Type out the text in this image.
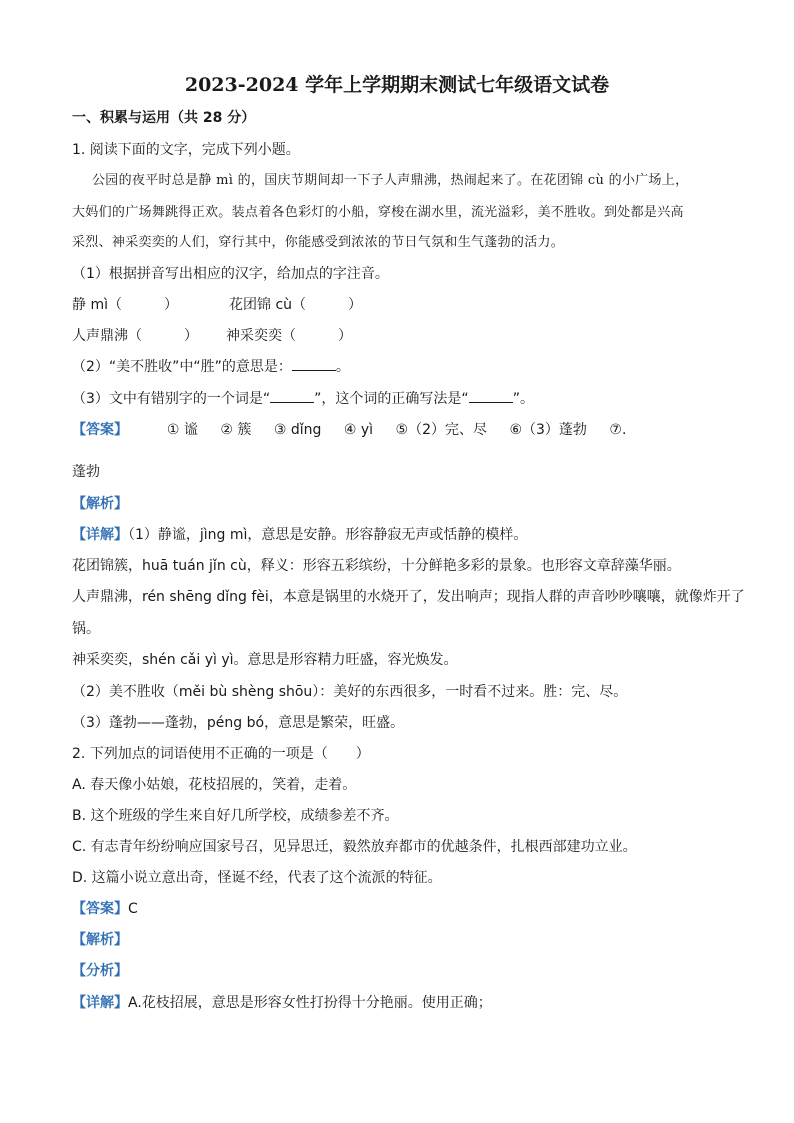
2023-2024 学年上学期期末测试七年级语文试卷
一、积累与运用（共 28 分）
1. 阅读下面的文字，完成下列小题。
公园的夜平时总是静 mì 的，国庆节期间却一下子人声鼎沸，热闹起来了。在花团锦 cù 的小广场上，
大妈们的广场舞跳得正欢。装点着各色彩灯的小船，穿梭在湖水里，流光溢彩，美不胜收。到处都是兴高
采烈、神采奕奕的人们，穿行其中，你能感受到浓浓的节日气氛和生气蓬勃的活力。
（1）根据拼音写出相应的汉字，给加点的字注音。
静 mì（　　　）	花团锦 cù（　　　）
人声鼎沸（　　　） 神采奕奕（　　　）
（2）“美不胜收”中“胜”的意思是：	。
（3）文中有错别字的一个词是“	”，这个词的正确写法是“	”。
【答案】	① 谧 ② 簇 ③ dǐng ④ yì ⑤（2）完、尽 ⑥（3）蓬勃 ⑦.
蓬勃
【解析】
【详解】（1）静谧，jìng mì，意思是安静。形容静寂无声或恬静的模样。
花团锦簇，huā tuán jǐn cù，释义：形容五彩缤纷，十分鲜艳多彩的景象。也形容文章辞藻华丽。
人声鼎沸，rén shēng dǐng fèi，本意是锅里的水烧开了，发出响声；现指人群的声音吵吵嚷嚷，就像炸开了
锅。
神采奕奕，shén cǎi yì yì。意思是形容精力旺盛，容光焕发。
（2）美不胜收（měi bù shèng shōu）：美好的东西很多，一时看不过来。胜：完、尽。
（3）蓬勃——蓬勃，péng bó，意思是繁荣，旺盛。
2. 下列加点的词语使用不正确的一项是（　　）
A. 春天像小姑娘，花枝招展的，笑着，走着。
B. 这个班级的学生来自好几所学校，成绩参差不齐。
C. 有志青年纷纷响应国家号召，见异思迁，毅然放弃都市的优越条件，扎根西部建功立业。
D. 这篇小说立意出奇，怪诞不经，代表了这个流派的特征。
【答案】C
【解析】
【分析】
【详解】A.花枝招展，意思是形容女性打扮得十分艳丽。使用正确；
